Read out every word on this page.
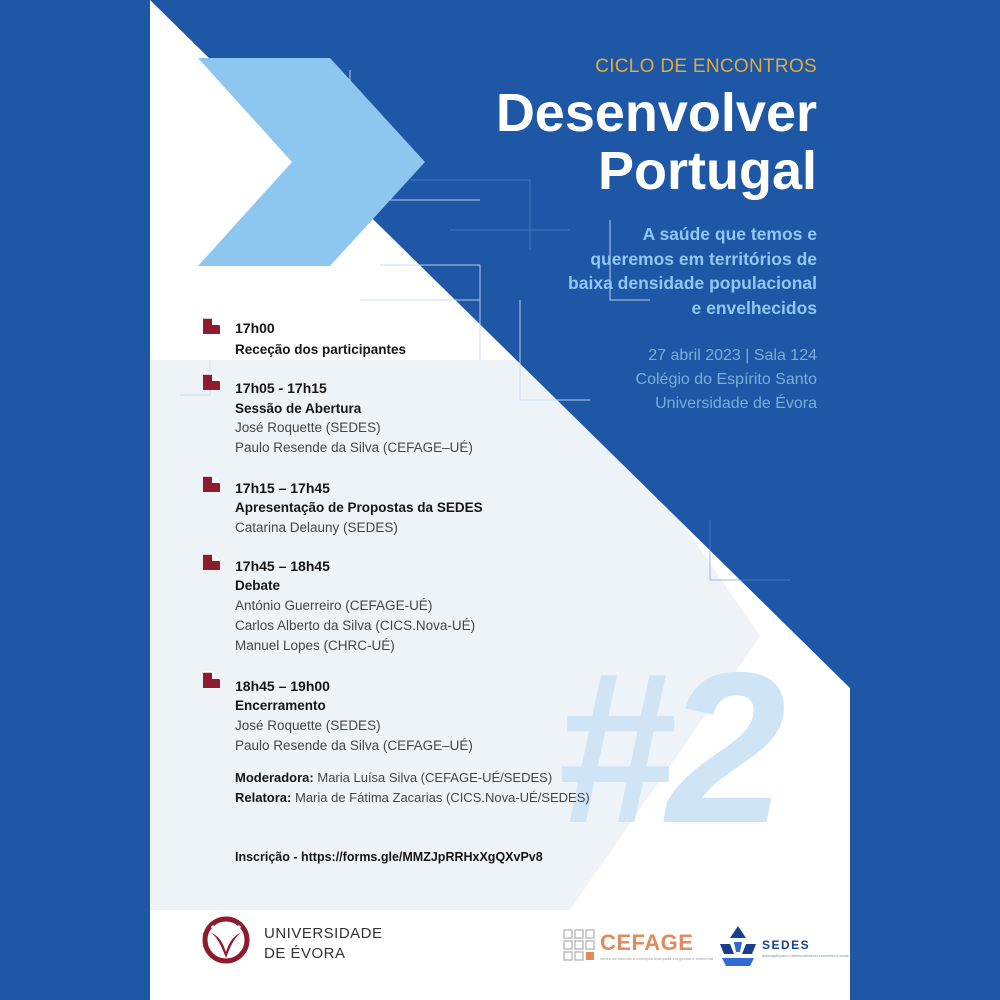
CICLO DE ENCONTROS
Desenvolver
Portugal
A saúde que temos e
queremos em territórios de
baixa densidade populacional
e envelhecidos
27 abril 2023 | Sala 124
Colégio do Espírito Santo
Universidade de Évora
#2
17h00
Receção dos participantes
17h05 - 17h15
Sessão de Abertura
José Roquette (SEDES)
Paulo Resende da Silva (CEFAGE–UÉ)
17h15 – 17h45
Apresentação de Propostas da SEDES
Catarina Delauny (SEDES)
17h45 – 18h45
Debate
António Guerreiro (CEFAGE-UÉ)
Carlos Alberto da Silva (CICS.Nova-UÉ)
Manuel Lopes (CHRC-UÉ)
18h45 – 19h00
Encerramento
José Roquette (SEDES)
Paulo Resende da Silva (CEFAGE–UÉ)
Moderadora: Maria Luísa Silva (CEFAGE-UÉ/SEDES)
Relatora: Maria de Fátima Zacarias (CICS.Nova-UÉ/SEDES)
Inscrição - https://forms.gle/MMZJpRRHxXgQXvPv8
UNIVERSIDADE
DE ÉVORA	CEFAGE
centro de estudos e formação avançada em gestão e economia
SEDES
associação para o desenvolvimento económico e social
